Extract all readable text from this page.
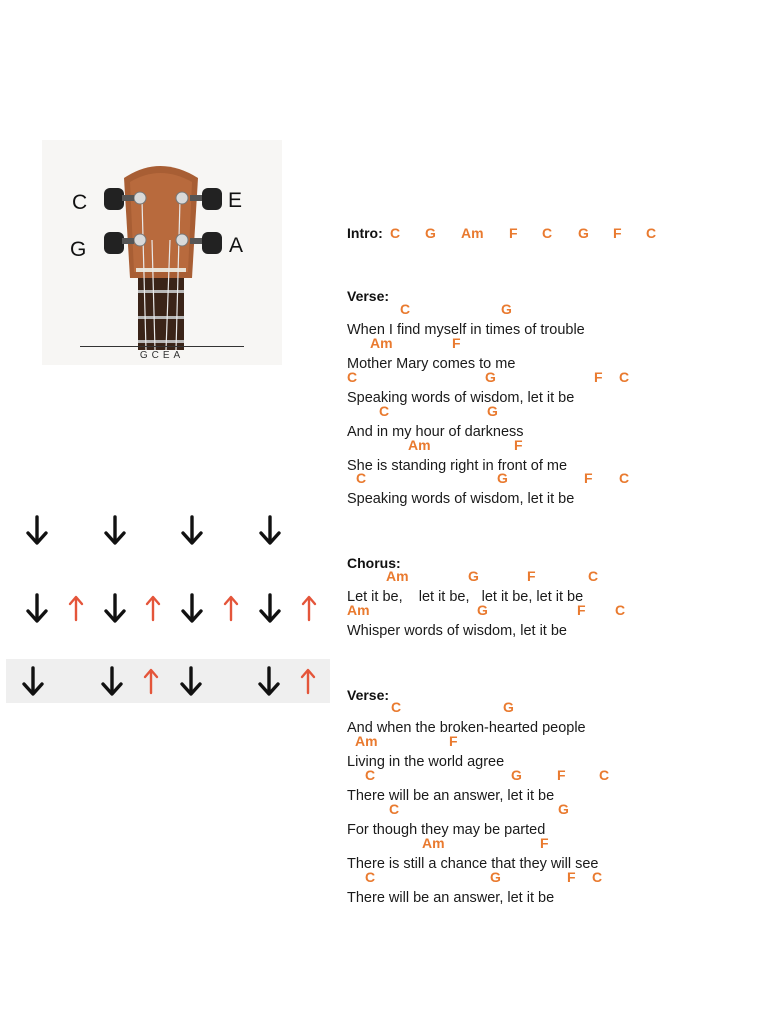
C	E
G	A
GCEA
Intro: C G Am F C G F C
Verse:
C	G
When I find myself in times of trouble
Am	F
Mother Mary comes to me
C	G	F C
Speaking words of wisdom, let it be
C	G
And in my hour of darkness
Am	F
She is standing right in front of me
C	G	F C
Speaking words of wisdom, let it be
Chorus:
Am	G	F	C
Let it be,    let it be,   let it be, let it be
Am	G	F C
Whisper words of wisdom, let it be
Verse:
C	G
And when the broken-hearted people
Am	F
Living in the world agree
C	G	F C
There will be an answer, let it be
C	G
For though they may be parted
Am	F
There is still a chance that they will see
C	G	F C
There will be an answer, let it be
